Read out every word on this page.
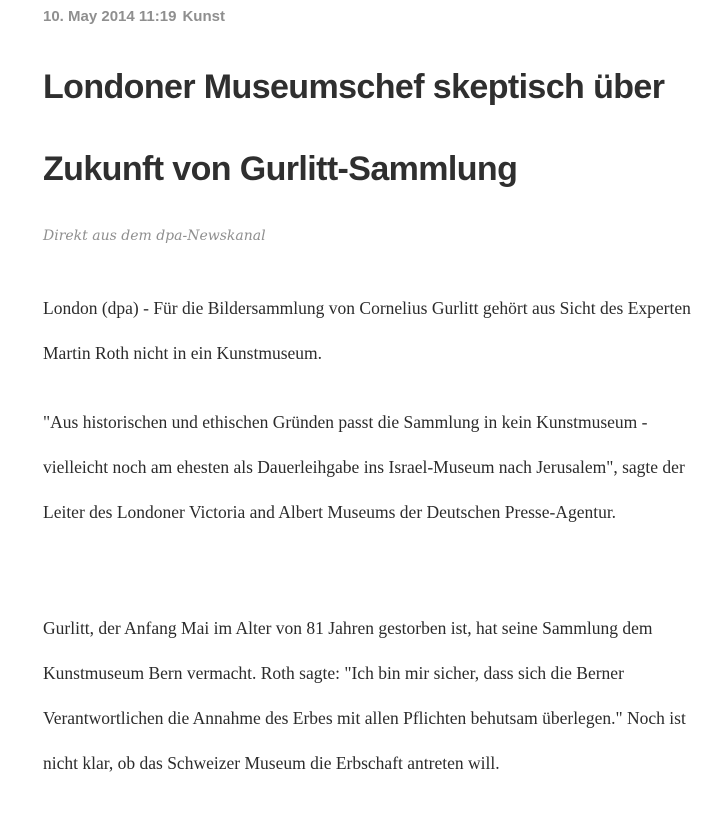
10. May 2014 11:19 Kunst
Londoner Museumschef skeptisch über Zukunft von Gurlitt-Sammlung

Direkt aus dem dpa-Newskanal

London (dpa) - Für die Bildersammlung von Cornelius Gurlitt gehört aus Sicht des Experten Martin Roth nicht in ein Kunstmuseum.

"Aus historischen und ethischen Gründen passt die Sammlung in kein Kunstmuseum - vielleicht noch am ehesten als Dauerleihgabe ins Israel-Museum nach Jerusalem", sagte der Leiter des Londoner Victoria and Albert Museums der Deutschen Presse-Agentur.

Gurlitt, der Anfang Mai im Alter von 81 Jahren gestorben ist, hat seine Sammlung dem Kunstmuseum Bern vermacht. Roth sagte: "Ich bin mir sicher, dass sich die Berner Verantwortlichen die Annahme des Erbes mit allen Pflichten behutsam überlegen." Noch ist nicht klar, ob das Schweizer Museum die Erbschaft antreten will.
